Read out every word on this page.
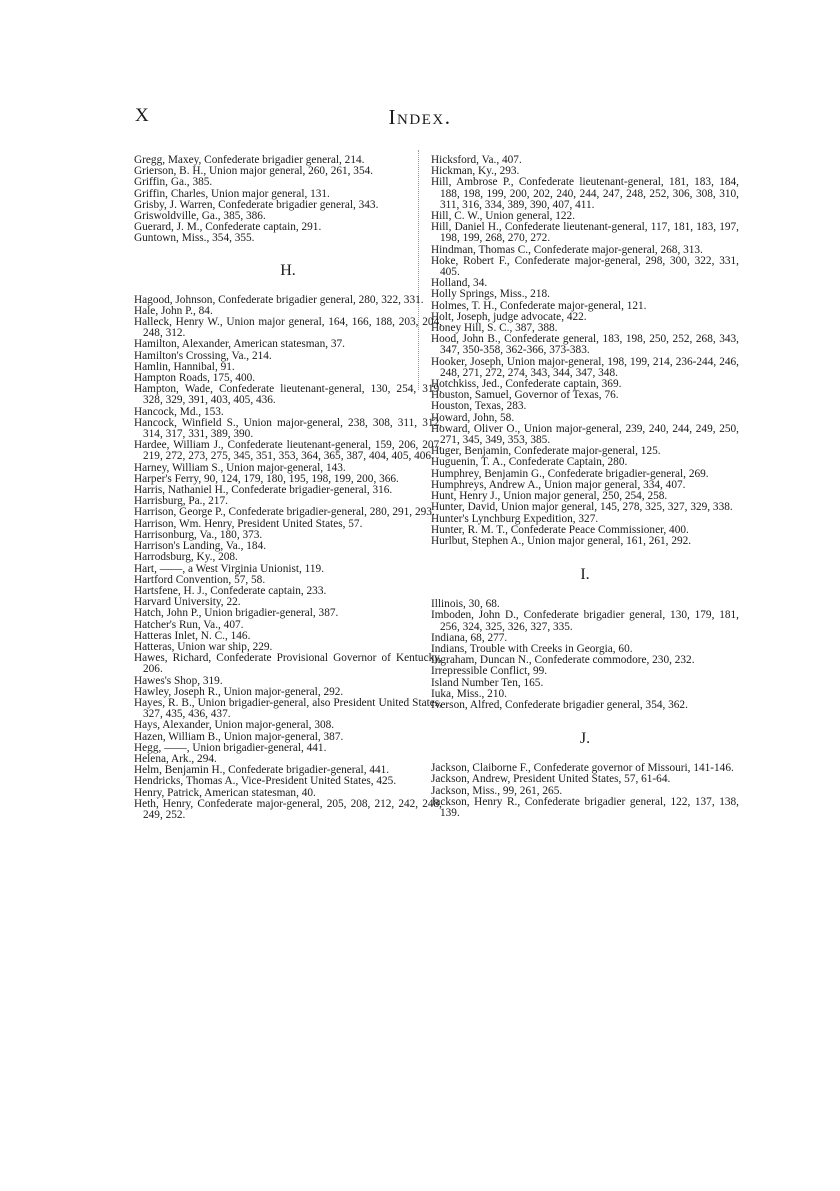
X	Index.
Gregg, Maxey, Confederate brigadier general, 214.
Grierson, B. H., Union major general, 260, 261, 354.
Griffin, Ga., 385.
Griffin, Charles, Union major general, 131.
Grisby, J. Warren, Confederate brigadier general, 343.
Griswoldville, Ga., 385, 386.
Guerard, J. M., Confederate captain, 291.
Guntown, Miss., 354, 355.
H.
Hagood, Johnson, Confederate brigadier general, 280, 322, 331.
Hale, John P., 84.
Halleck, Henry W., Union major general, 164, 166, 188, 203, 204, 248, 312.
Hamilton, Alexander, American statesman, 37.
Hamilton's Crossing, Va., 214.
Hamlin, Hannibal, 91.
Hampton Roads, 175, 400.
Hampton, Wade, Confederate lieutenant-general, 130, 254, 319, 328, 329, 391, 403, 405, 436.
Hancock, Md., 153.
Hancock, Winfield S., Union major-general, 238, 308, 311, 312, 314, 317, 331, 389, 390.
Hardee, William J., Confederate lieutenant-general, 159, 206, 207, 219, 272, 273, 275, 345, 351, 353, 364, 365, 387, 404, 405, 406.
Harney, William S., Union major-general, 143.
Harper's Ferry, 90, 124, 179, 180, 195, 198, 199, 200, 366.
Harris, Nathaniel H., Confederate brigadier-general, 316.
Harrisburg, Pa., 217.
Harrison, George P., Confederate brigadier-general, 280, 291, 293.
Harrison, Wm. Henry, President United States, 57.
Harrisonburg, Va., 180, 373.
Harrison's Landing, Va., 184.
Harrodsburg, Ky., 208.
Hart, ——, a West Virginia Unionist, 119.
Hartford Convention, 57, 58.
Hartsfene, H. J., Confederate captain, 233.
Harvard University, 22.
Hatch, John P., Union brigadier-general, 387.
Hatcher's Run, Va., 407.
Hatteras Inlet, N. C., 146.
Hatteras, Union war ship, 229.
Hawes, Richard, Confederate Provisional Governor of Kentucky, 206.
Hawes's Shop, 319.
Hawley, Joseph R., Union major-general, 292.
Hayes, R. B., Union brigadier-general, also President United States, 327, 435, 436, 437.
Hays, Alexander, Union major-general, 308.
Hazen, William B., Union major-general, 387.
Hegg, ——, Union brigadier-general, 441.
Helena, Ark., 294.
Helm, Benjamin H., Confederate brigadier-general, 441.
Hendricks, Thomas A., Vice-President United States, 425.
Henry, Patrick, American statesman, 40.
Heth, Henry, Confederate major-general, 205, 208, 212, 242, 248, 249, 252.
Hicksford, Va., 407.
Hickman, Ky., 293.
Hill, Ambrose P., Confederate lieutenant-general, 181, 183, 184, 188, 198, 199, 200, 202, 240, 244, 247, 248, 252, 306, 308, 310, 311, 316, 334, 389, 390, 407, 411.
Hill, C. W., Union general, 122.
Hill, Daniel H., Confederate lieutenant-general, 117, 181, 183, 197, 198, 199, 268, 270, 272.
Hindman, Thomas C., Confederate major-general, 268, 313.
Hoke, Robert F., Confederate major-general, 298, 300, 322, 331, 405.
Holland, 34.
Holly Springs, Miss., 218.
Holmes, T. H., Confederate major-general, 121.
Holt, Joseph, judge advocate, 422.
Honey Hill, S. C., 387, 388.
Hood, John B., Confederate general, 183, 198, 250, 252, 268, 343, 347, 350-358, 362-366, 373-383.
Hooker, Joseph, Union major-general, 198, 199, 214, 236-244, 246, 248, 271, 272, 274, 343, 344, 347, 348.
Hotchkiss, Jed., Confederate captain, 369.
Houston, Samuel, Governor of Texas, 76.
Houston, Texas, 283.
Howard, John, 58.
Howard, Oliver O., Union major-general, 239, 240, 244, 249, 250, 271, 345, 349, 353, 385.
Huger, Benjamin, Confederate major-general, 125.
Huguenin, T. A., Confederate Captain, 280.
Humphrey, Benjamin G., Confederate brigadier-general, 269.
Humphreys, Andrew A., Union major general, 334, 407.
Hunt, Henry J., Union major general, 250, 254, 258.
Hunter, David, Union major general, 145, 278, 325, 327, 329, 338.
Hunter's Lynchburg Expedition, 327.
Hunter, R. M. T., Confederate Peace Commissioner, 400.
Hurlbut, Stephen A., Union major general, 161, 261, 292.
I.
Illinois, 30, 68.
Imboden, John D., Confederate brigadier general, 130, 179, 181, 256, 324, 325, 326, 327, 335.
Indiana, 68, 277.
Indians, Trouble with Creeks in Georgia, 60.
Ingraham, Duncan N., Confederate commodore, 230, 232.
Irrepressible Conflict, 99.
Island Number Ten, 165.
Iuka, Miss., 210.
Iverson, Alfred, Confederate brigadier general, 354, 362.
J.
Jackson, Claiborne F., Confederate governor of Missouri, 141-146.
Jackson, Andrew, President United States, 57, 61-64.
Jackson, Miss., 99, 261, 265.
Jackson, Henry R., Confederate brigadier general, 122, 137, 138, 139.
